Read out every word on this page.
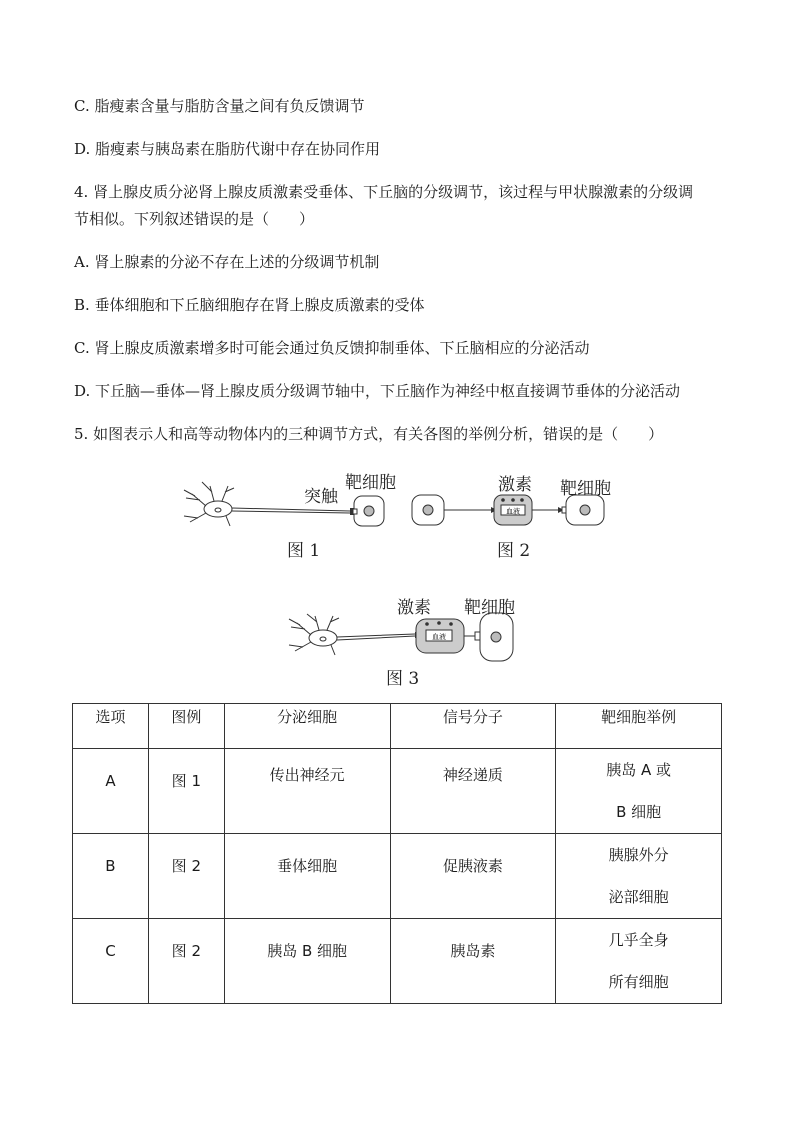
C. 脂瘦素含量与脂肪含量之间有负反馈调节
D. 脂瘦素与胰岛素在脂肪代谢中存在协同作用
4. 肾上腺皮质分泌肾上腺皮质激素受垂体、下丘脑的分级调节，该过程与甲状腺激素的分级调
节相似。下列叙述错误的是（　　）
A. 肾上腺素的分泌不存在上述的分级调节机制
B. 垂体细胞和下丘脑细胞存在肾上腺皮质激素的受体
C. 肾上腺皮质激素增多时可能会通过负反馈抑制垂体、下丘脑相应的分泌活动
D. 下丘脑—垂体—肾上腺皮质分级调节轴中，下丘脑作为神经中枢直接调节垂体的分泌活动
5. 如图表示人和高等动物体内的三种调节方式，有关各图的举例分析，错误的是（　　）
突触
靶细胞
图 1
血液
激素 靶细胞
图 2
血液
激素 靶细胞
图 3
选项	图例	分泌细胞	信号分子	靶细胞举例

A	图 1	传出神经元	神经递质	胰岛 A 或
B 细胞

B	图 2	垂体细胞	促胰液素	胰腺外分
泌部细胞

C	图 2	胰岛 B 细胞	胰岛素	几乎全身
所有细胞
